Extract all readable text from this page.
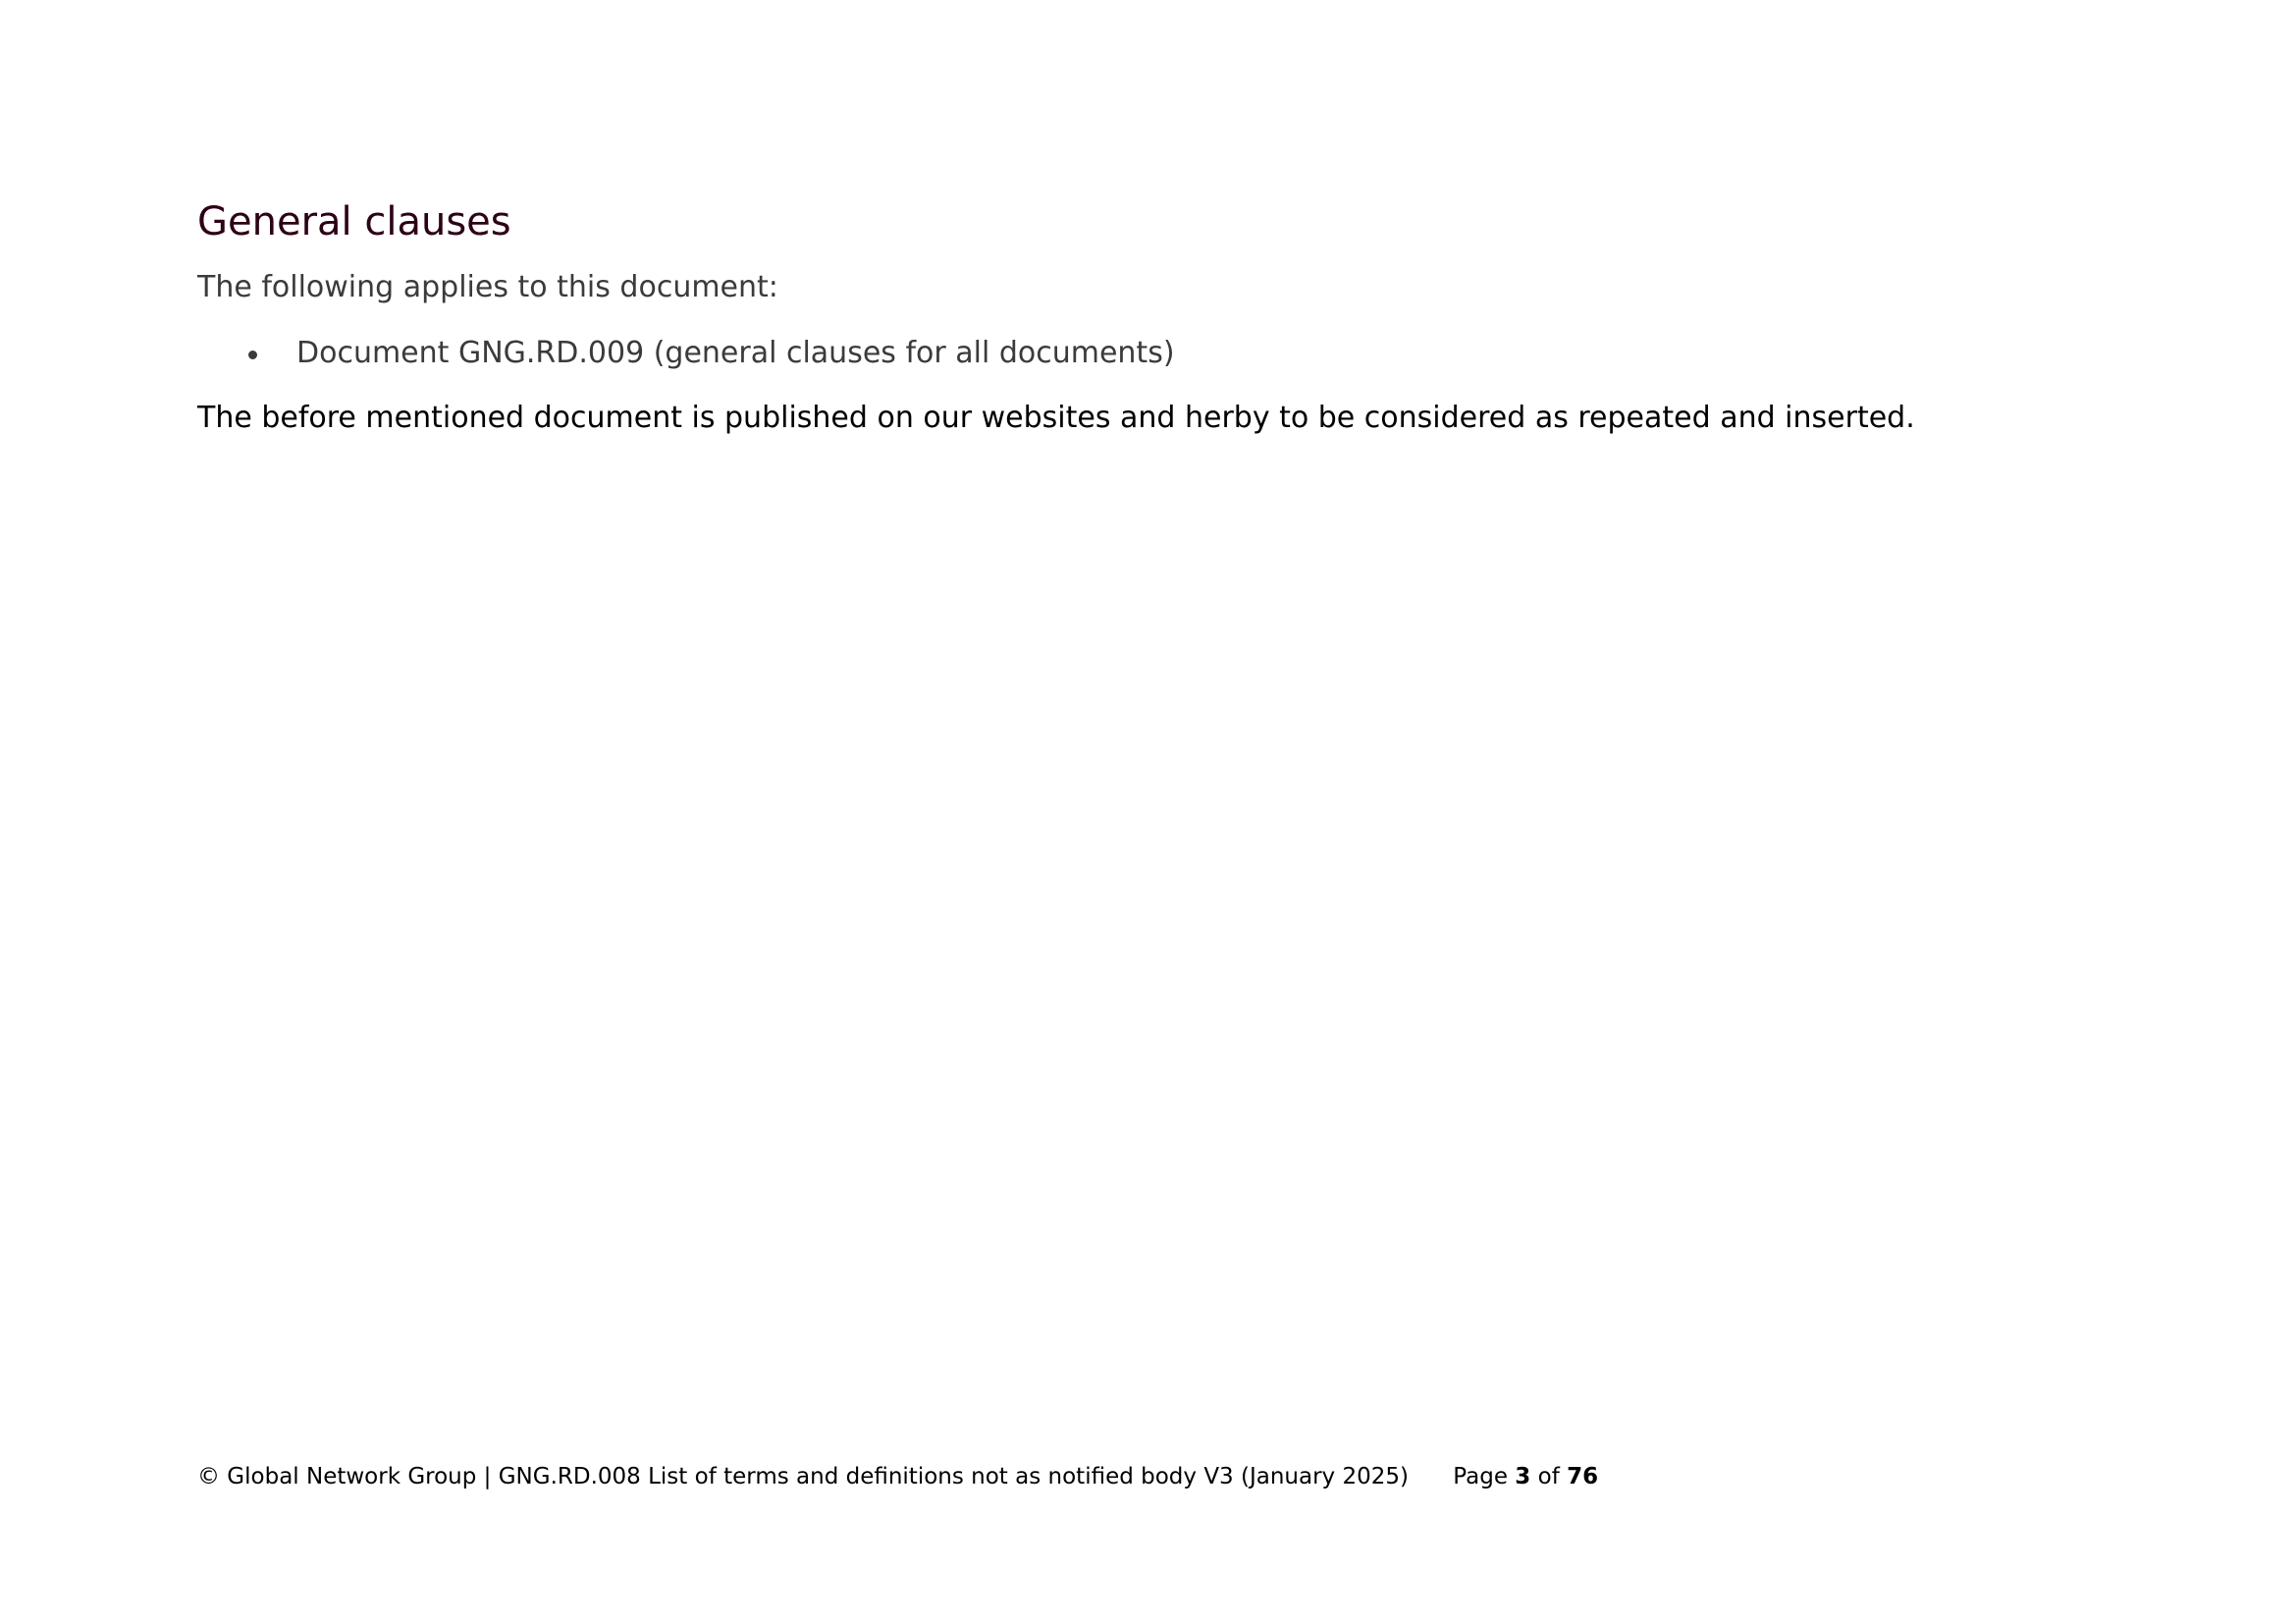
General clauses

The following applies to this document:

Document GNG.RD.009 (general clauses for all documents)

The before mentioned document is published on our websites and herby to be considered as repeated and inserted.

© Global Network Group | GNG.RD.008 List of terms and definitions not as notified body V3 (January 2025) Page 3 of 76
